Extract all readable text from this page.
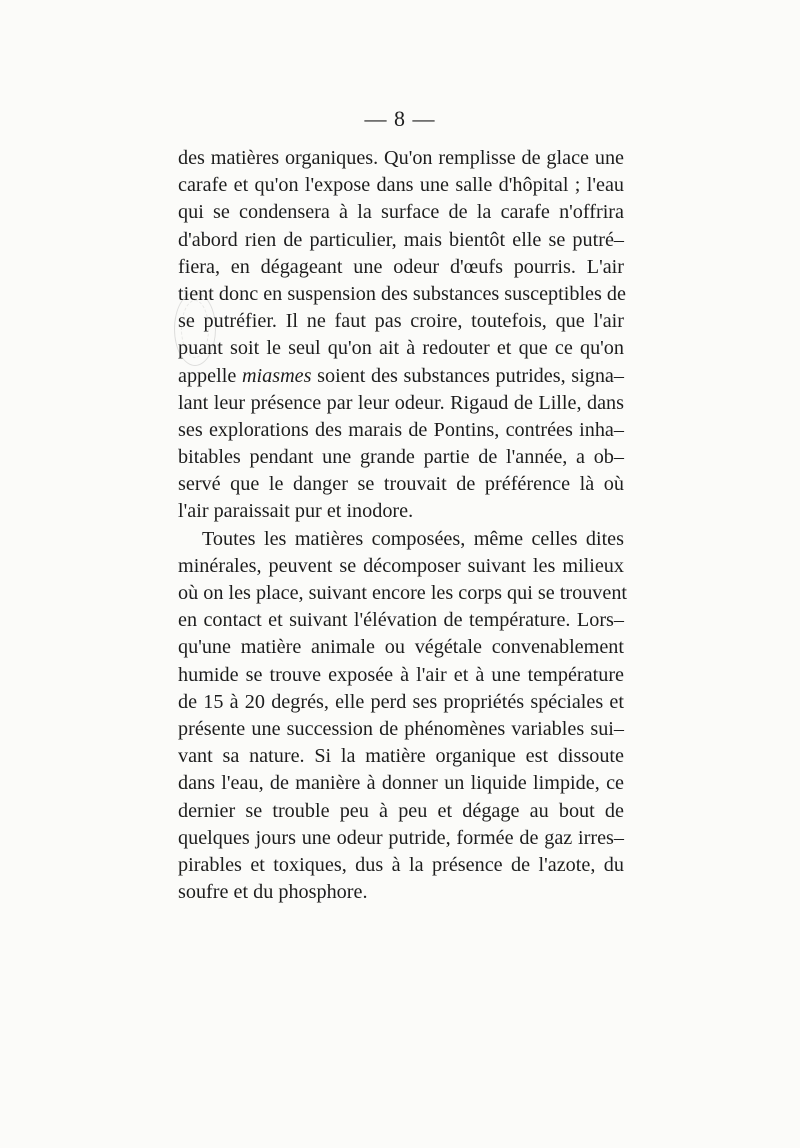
— 8 —
des matières organiques. Qu'on remplisse de glace une
carafe et qu'on l'expose dans une salle d'hôpital ; l'eau
qui se condensera à la surface de la carafe n'offrira
d'abord rien de particulier, mais bientôt elle se putré–
fiera, en dégageant une odeur d'œufs pourris. L'air
tient donc en suspension des substances susceptibles de
se putréfier. Il ne faut pas croire, toutefois, que l'air
puant soit le seul qu'on ait à redouter et que ce qu'on
appelle miasmes soient des substances putrides, signa–
lant leur présence par leur odeur. Rigaud de Lille, dans
ses explorations des marais de Pontins, contrées inha–
bitables pendant une grande partie de l'année, a ob–
servé que le danger se trouvait de préférence là où
l'air paraissait pur et inodore.
Toutes les matières composées, même celles dites
minérales, peuvent se décomposer suivant les milieux
où on les place, suivant encore les corps qui se trouvent
en contact et suivant l'élévation de température. Lors–
qu'une matière animale ou végétale convenablement
humide se trouve exposée à l'air et à une température
de 15 à 20 degrés, elle perd ses propriétés spéciales et
présente une succession de phénomènes variables sui–
vant sa nature. Si la matière organique est dissoute
dans l'eau, de manière à donner un liquide limpide, ce
dernier se trouble peu à peu et dégage au bout de
quelques jours une odeur putride, formée de gaz irres–
pirables et toxiques, dus à la présence de l'azote, du
soufre et du phosphore.
